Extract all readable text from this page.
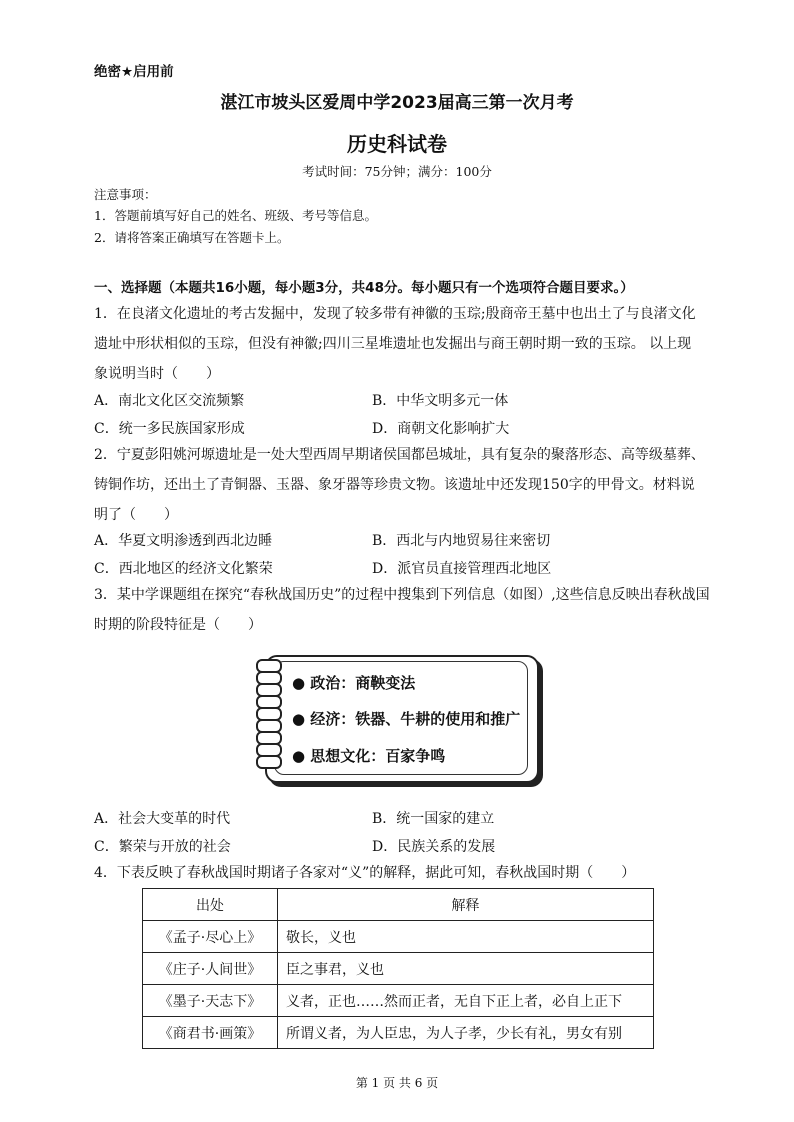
绝密★启用前
湛江市坡头区爱周中学2023届高三第一次月考
历史科试卷
考试时间：75分钟；满分：100分
注意事项：
1．答题前填写好自己的姓名、班级、考号等信息。
2．请将答案正确填写在答题卡上。
一、选择题（本题共16小题，每小题3分，共48分。每小题只有一个选项符合题目要求。）
1．在良渚文化遗址的考古发掘中，发现了较多带有神徽的玉琮;殷商帝王墓中也出土了与良渚文化
遗址中形状相似的玉琮，但没有神徽;四川三星堆遗址也发掘出与商王朝时期一致的玉琮。 以上现
象说明当时（　　）
A．南北文化区交流频繁	B．中华文明多元一体
C．统一多民族国家形成	D．商朝文化影响扩大
2．宁夏彭阳姚河塬遗址是一处大型西周早期诸侯国都邑城址，具有复杂的聚落形态、高等级墓葬、
铸铜作坊，还出土了青铜器、玉器、象牙器等珍贵文物。该遗址中还发现150字的甲骨文。材料说
明了（　　）
A．华夏文明渗透到西北边睡	B．西北与内地贸易往来密切
C．西北地区的经济文化繁荣	D．派官员直接管理西北地区
3．某中学课题组在探究“春秋战国历史”的过程中搜集到下列信息（如图）,这些信息反映出春秋战国
时期的阶段特征是（　　）
● 政治：商鞅变法
● 经济：铁器、牛耕的使用和推广
● 思想文化：百家争鸣
A．社会大变革的时代	B．统一国家的建立
C．繁荣与开放的社会	D．民族关系的发展
4．下表反映了春秋战国时期诸子各家对“义”的解释，据此可知，春秋战国时期（　　）
出处	解释
《孟子·尽心上》	敬长，义也
《庄子·人间世》	臣之事君，义也
《墨子·天志下》	义者，正也……然而正者，无自下正上者，必自上正下
《商君书·画策》	所谓义者，为人臣忠，为人子孝，少长有礼，男女有别
第 1 页 共 6 页
